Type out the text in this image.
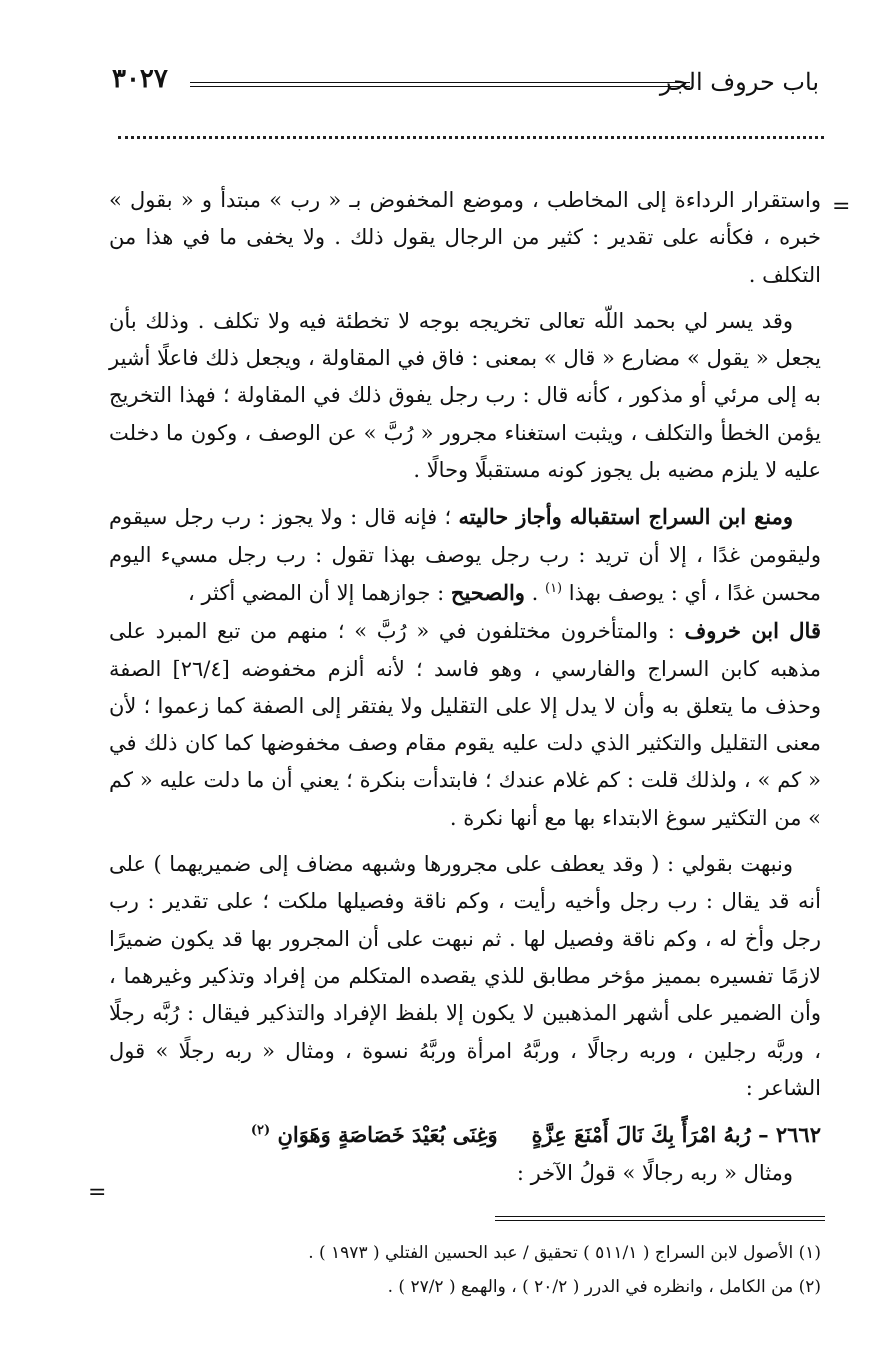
باب حروف الجر
٣٠٢٧
=

واستقرار الرداءة إلى المخاطب ، وموضع المخفوض بـ « رب » مبتدأ و « بقول » خبره ، فكأنه على تقدير : كثير من الرجال يقول ذلك . ولا يخفى ما في هذا من التكلف .

وقد يسر لي بحمد اللّه تعالى تخريجه بوجه لا تخطئة فيه ولا تكلف . وذلك بأن يجعل « يقول » مضارع « قال » بمعنى : فاق في المقاولة ، ويجعل ذلك فاعلًا أشير به إلى مرئي أو مذكور ، كأنه قال : رب رجل يفوق ذلك في المقاولة ؛ فهذا التخريج يؤمن الخطأ والتكلف ، ويثبت استغناء مجرور « رُبَّ » عن الوصف ، وكون ما دخلت عليه لا يلزم مضيه بل يجوز كونه مستقبلًا وحالًا .

ومنع ابن السراج استقباله وأجاز حاليته ؛ فإنه قال : ولا يجوز : رب رجل سيقوم وليقومن غدًا ، إلا أن تريد : رب رجل يوصف بهذا تقول : رب رجل مسيء اليوم محسن غدًا ، أي : يوصف بهذا $^{(١)}$ . والصحيح : جوازهما إلا أن المضي أكثر ،
قال ابن خروف : والمتأخرون مختلفون في « رُبَّ » ؛ منهم من تبع المبرد على مذهبه كابن السراج والفارسي ، وهو فاسد ؛ لأنه ألزم مخفوضه [٢٦/٤] الصفة وحذف ما يتعلق به وأن لا يدل إلا على التقليل ولا يفتقر إلى الصفة كما زعموا ؛ لأن معنى التقليل والتكثير الذي دلت عليه يقوم مقام وصف مخفوضها كما كان ذلك في « كم » ، ولذلك قلت : كم غلام عندك ؛ فابتدأت بنكرة ؛ يعني أن ما دلت عليه « كم » من التكثير سوغ الابتداء بها مع أنها نكرة .

ونبهت بقولي : ( وقد يعطف على مجرورها وشبهه مضاف إلى ضميريهما ) على أنه قد يقال : رب رجل وأخيه رأيت ، وكم ناقة وفصيلها ملكت ؛ على تقدير : رب رجل وأخ له ، وكم ناقة وفصيل لها . ثم نبهت على أن المجرور بها قد يكون ضميرًا لازمًا تفسيره بمميز مؤخر مطابق للذي يقصده المتكلم من إفراد وتذكير وغيرهما ، وأن الضمير على أشهر المذهبين لا يكون إلا بلفظ الإفراد والتذكير فيقال : رُبَّه رجلًا ، وربَّه رجلين ، وربه رجالًا ، وربَّهُ امرأة وربَّهُ نسوة ، ومثال « ربه رجلًا » قول الشاعر :

٢٦٦٢ – رُبهُ امْرَأً بِكَ نَالَ أَمْنَعَ عِزَّةٍوَغِنَى بُعَيْدَ خَصَاصَةٍ وَهَوَانِ $^{(٢)}$

ومثال « ربه رجالًا » قولُ الآخر :

=
(١) الأصول لابن السراج ( ٥١١/١ ) تحقيق / عبد الحسين الفتلي ( ١٩٧٣ ) .
(٢) من الكامل ، وانظره في الدرر ( ٢٠/٢ ) ، والهمع ( ٢٧/٢ ) .
